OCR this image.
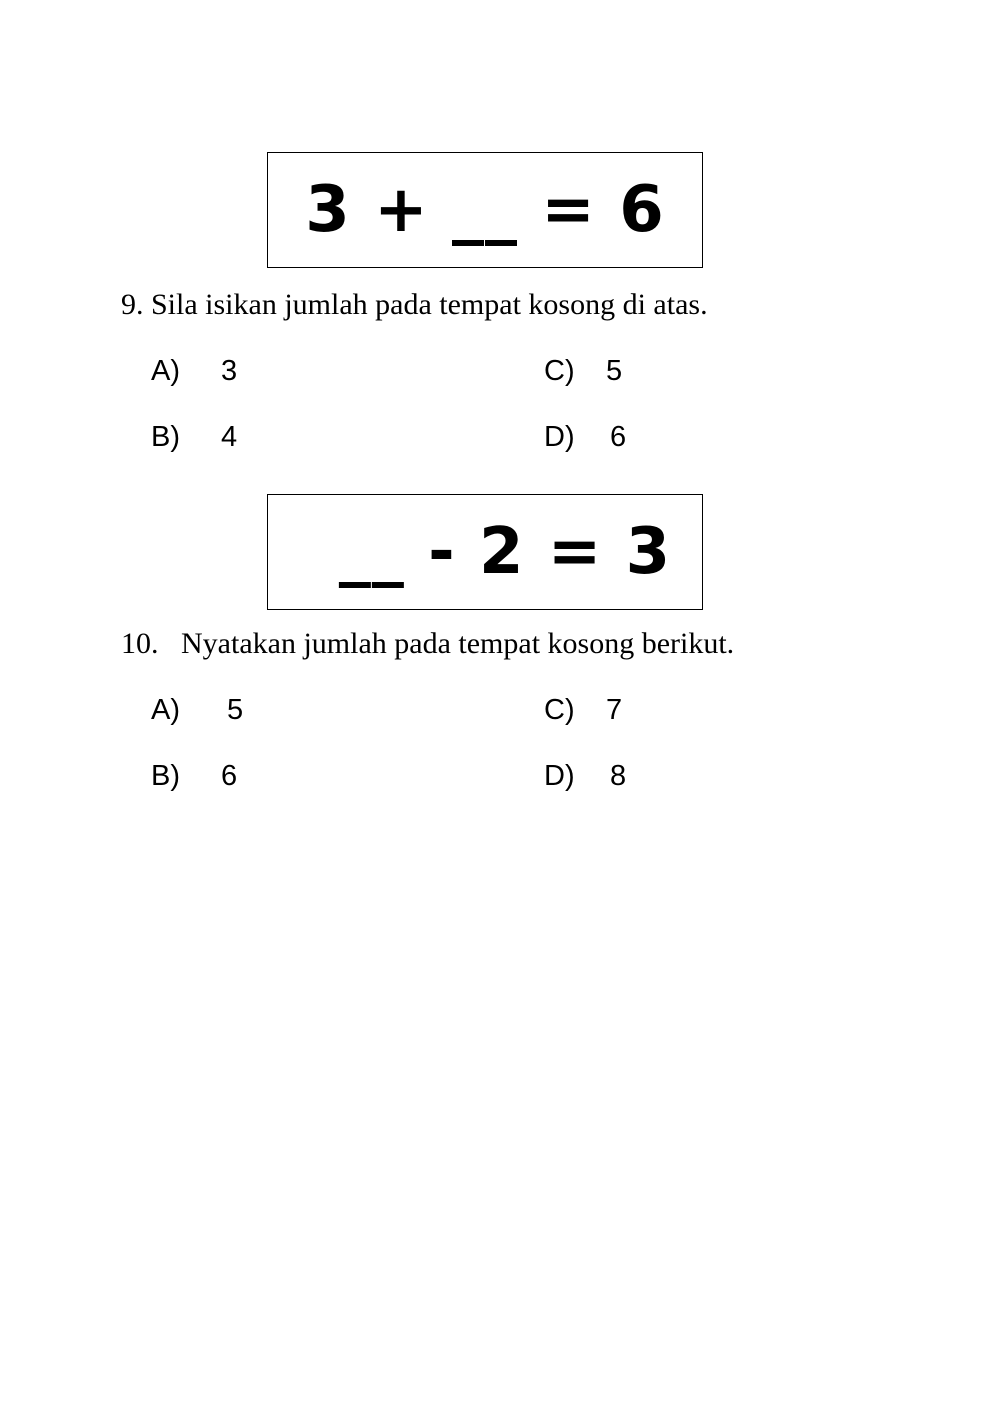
3 + __ = 6
9. Sila isikan jumlah pada tempat kosong di atas.
A) 3
B) 4
C) 5
D) 6
__ - 2 = 3
10.   Nyatakan jumlah pada tempat kosong berikut.
A) 5
B) 6
C) 7
D) 8
